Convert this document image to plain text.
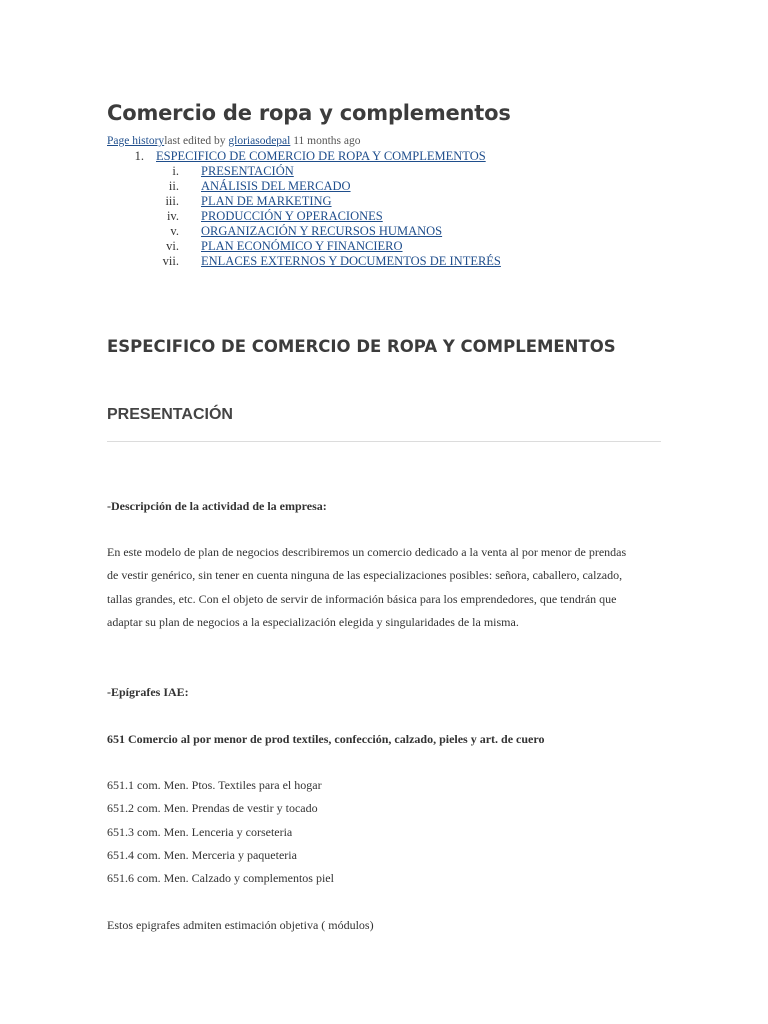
Comercio de ropa y complementos
Page historylast edited by gloriasodepal 11 months ago
1. ESPECIFICO DE COMERCIO DE ROPA Y COMPLEMENTOS
i. PRESENTACIÓN
ii. ANÁLISIS DEL MERCADO
iii. PLAN DE MARKETING
iv. PRODUCCIÓN Y OPERACIONES
v. ORGANIZACIÓN Y RECURSOS HUMANOS
vi. PLAN ECONÓMICO Y FINANCIERO
vii. ENLACES EXTERNOS Y DOCUMENTOS DE INTERÉS
ESPECIFICO DE COMERCIO DE ROPA Y COMPLEMENTOS
PRESENTACIÓN

-Descripción de la actividad de la empresa:

En este modelo de plan de negocios describiremos un comercio dedicado a la venta al por menor de prendas
de vestir genérico, sin tener en cuenta ninguna de las especializaciones posibles: señora, caballero, calzado,
tallas grandes, etc. Con el objeto de servir de información básica para los emprendedores, que tendrán que
adaptar su plan de negocios a la especialización elegida y singularidades de la misma.

-Epígrafes IAE:

651 Comercio al por menor de prod textiles, confección, calzado, pieles y art. de cuero

651.1 com. Men. Ptos. Textiles para el hogar

651.2 com. Men. Prendas de vestir y tocado

651.3 com. Men. Lenceria y corseteria

651.4 com. Men. Merceria y paqueteria

651.6 com. Men. Calzado y complementos piel

Estos epigrafes admiten estimación objetiva ( módulos)
